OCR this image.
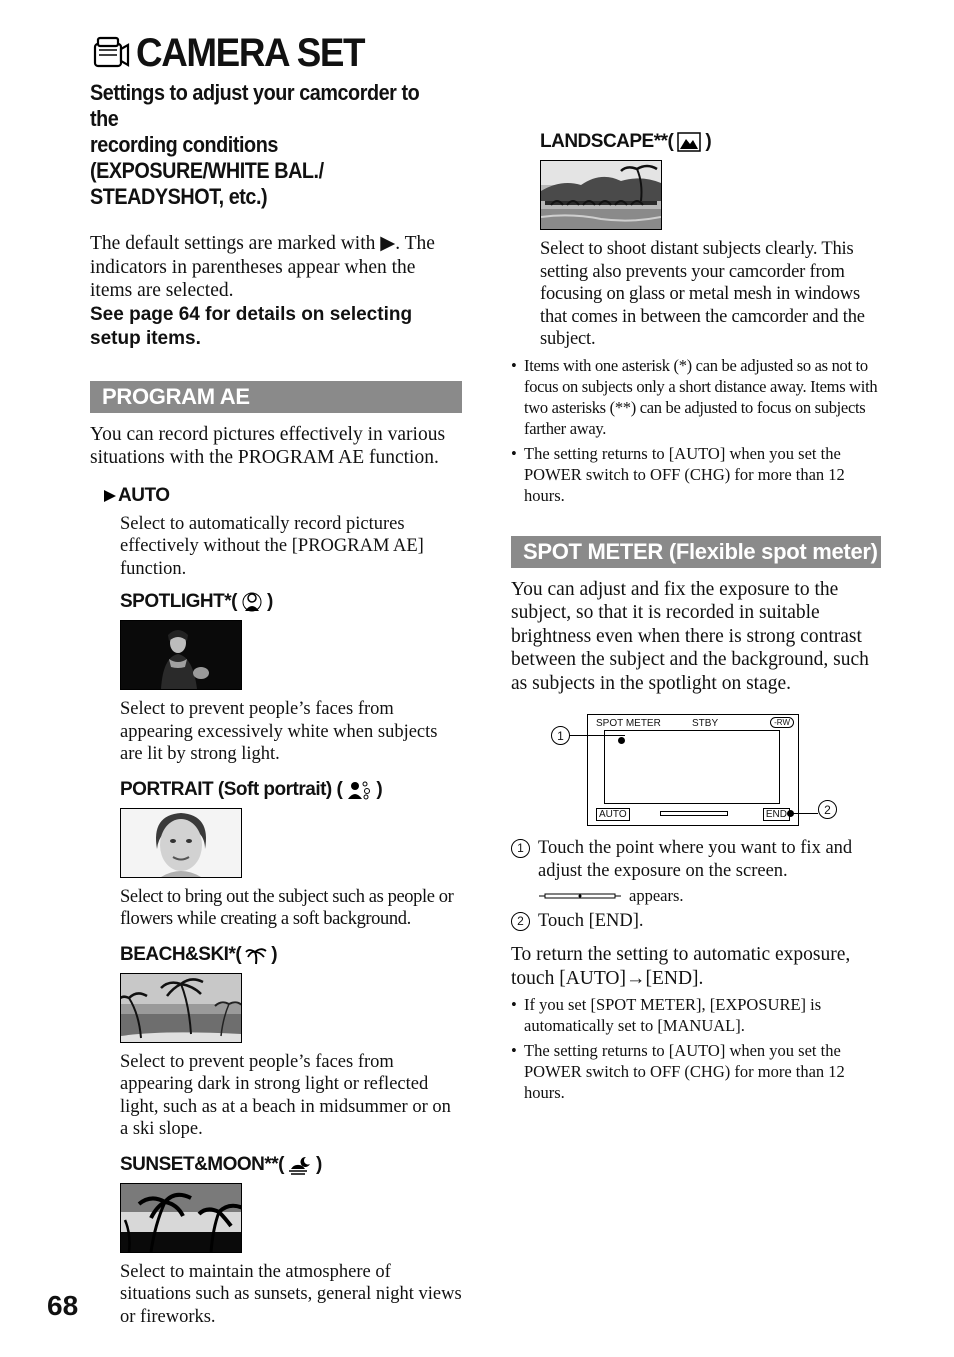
CAMERA SET
Settings to adjust your camcorder to the
recording conditions
(EXPOSURE/WHITE BAL./
STEADYSHOT, etc.)
The default settings are marked with ▶. The indicators in parentheses appear when the items are selected.
See page 64 for details on selecting setup items.
PROGRAM AE
You can record pictures effectively in various situations with the PROGRAM AE function.
AUTO
Select to automatically record pictures effectively without the [PROGRAM AE] function.
SPOTLIGHT*( )
Select to prevent people’s faces from appearing excessively white when subjects are lit by strong light.
PORTRAIT (Soft portrait) ( )
Select to bring out the subject such as people or flowers while creating a soft background.
BEACH&SKI*( )
Select to prevent people’s faces from appearing dark in strong light or reflected light, such as at a beach in midsummer or on a ski slope.
SUNSET&MOON**( )
Select to maintain the atmosphere of situations such as sunsets, general night views or fireworks.
LANDSCAPE**( )
Select to shoot distant subjects clearly. This setting also prevents your camcorder from focusing on glass or metal mesh in windows that comes in between the camcorder and the subject.
• Items with one asterisk (*) can be adjusted so as not to focus on subjects only a short distance away. Items with two asterisks (**) can be adjusted to focus on subjects farther away.
• The setting returns to [AUTO] when you set the POWER switch to OFF (CHG) for more than 12 hours.
SPOT METER (Flexible spot meter)
You can adjust and fix the exposure to the subject, so that it is recorded in suitable brightness even when there is strong contrast between the subject and the background, such as subjects in the spotlight on stage.
SPOT METER	STBY	-RW
AUTO	END
1
2
1 Touch the point where you want to fix and adjust the exposure on the screen.
appears.
2 Touch [END].
To return the setting to automatic exposure, touch [AUTO]→[END].
• If you set [SPOT METER], [EXPOSURE] is automatically set to [MANUAL].
• The setting returns to [AUTO] when you set the POWER switch to OFF (CHG) for more than 12 hours.
68
